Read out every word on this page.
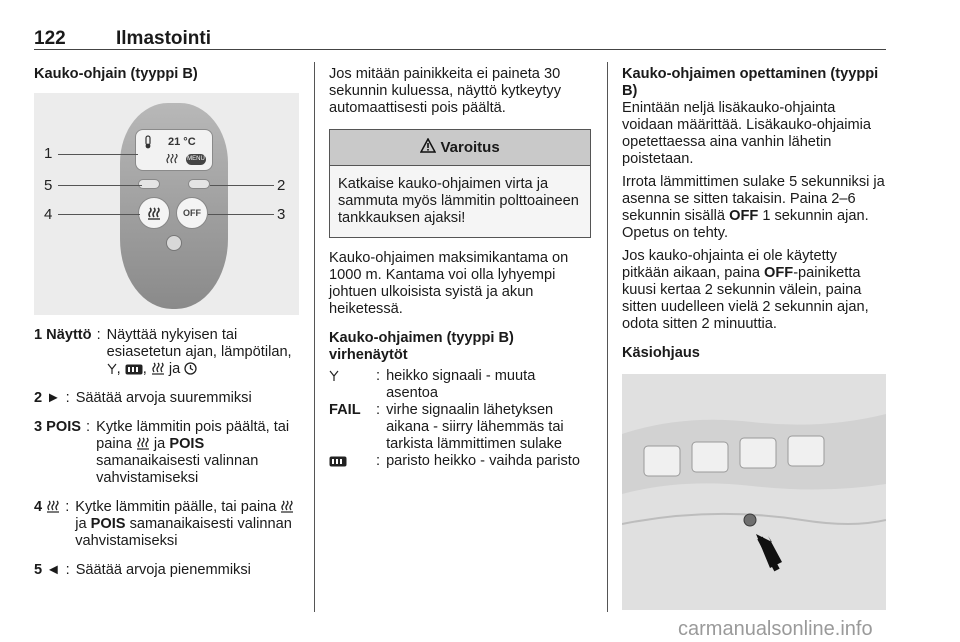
122	Ilmastointi
Kauko-ohjain (tyyppi B)
21 °C
MENU
OFF
1
5
4
2
3
1 Näyttö : Näyttää nykyisen tai esiasetetun ajan, lämpötilan, , ,  ja
2 ► : Säätää arvoja suuremmiksi
3 POIS : Kytke lämmitin pois päältä, tai paina  ja POIS samanaikaisesti valinnan vahvistamiseksi
4	: Kytke lämmitin päälle, tai paina  ja POIS samanaikaisesti valinnan vahvistamiseksi
5 ◄ : Säätää arvoja pienemmiksi

Jos mitään painikkeita ei paineta 30 sekunnin kuluessa, näyttö kytkeytyy automaattisesti pois päältä.

Varoitus
Katkaise kauko-ohjaimen virta ja sammuta myös lämmitin polttoaineen tankkauksen ajaksi!

Kauko-ohjaimen maksimikantama on 1000 m. Kantama voi olla lyhyempi johtuen ulkoisista syistä ja akun heiketessä.

Kauko-ohjaimen (tyyppi B) virhenäytöt
: heikko signaali - muuta asentoa
FAIL	: virhe signaalin lähetyksen aikana - siirry lähemmäs tai tarkista lämmittimen sulake
: paristo heikko - vaihda paristo
Kauko-ohjaimen opettaminen (tyyppi B)

Enintään neljä lisäkauko-ohjainta voidaan määrittää. Lisäkauko-ohjaimia opetettaessa aina vanhin lähetin poistetaan.

Irrota lämmittimen sulake 5 sekunniksi ja asenna se sitten takaisin. Paina 2–6 sekunnin sisällä OFF 1 sekunnin ajan. Opetus on tehty.

Jos kauko-ohjainta ei ole käytetty pitkään aikaan, paina OFF-painiketta kuusi kertaa 2 sekunnin välein, paina sitten uudelleen vielä 2 sekunnin ajan, odota sitten 2 minuuttia.

Käsiohjaus
carmanualsonline.info
